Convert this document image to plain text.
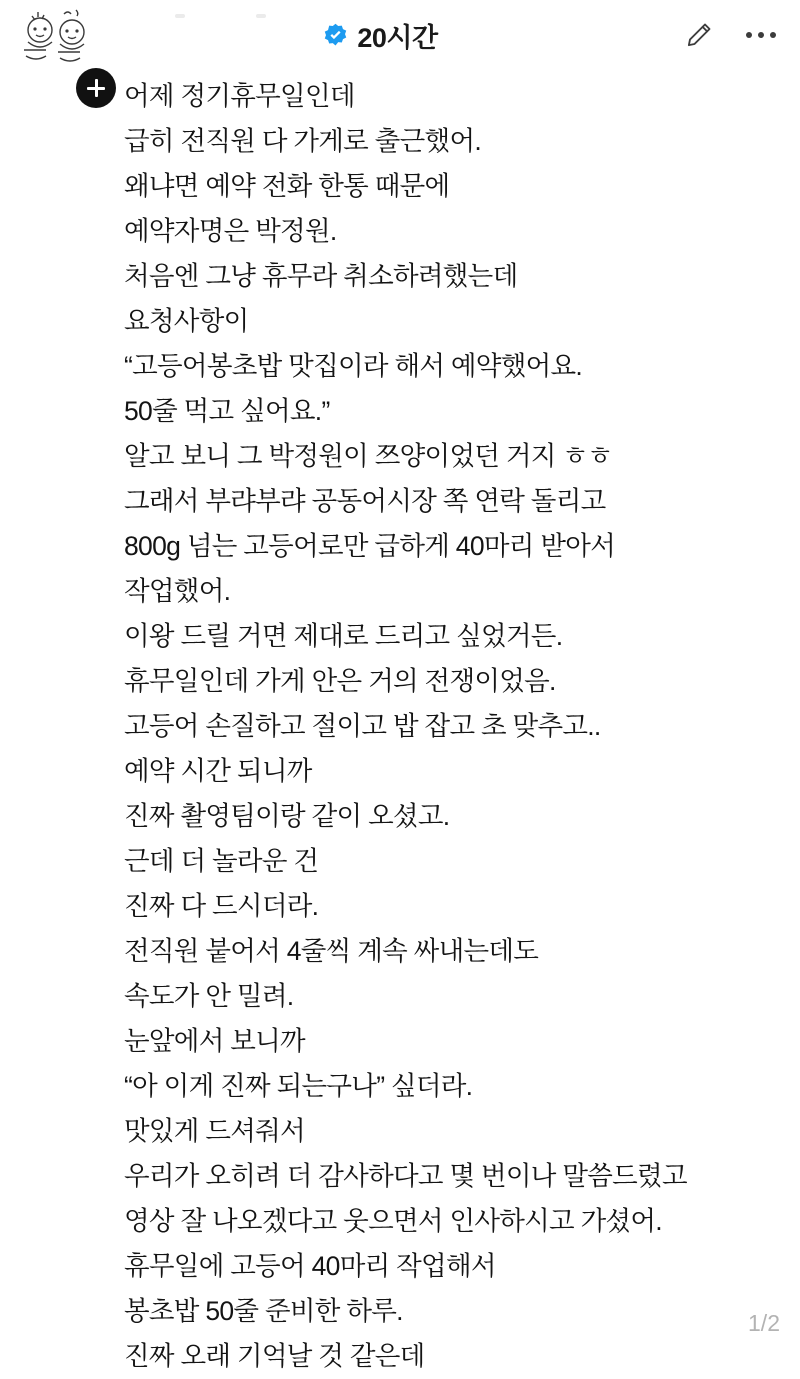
20시간

어제 정기휴무일인데

급히 전직원 다 가게로 출근했어.

왜냐면 예약 전화 한통 때문에

예약자명은 박정원.

처음엔 그냥 휴무라 취소하려했는데

요청사항이

“고등어봉초밥 맛집이라 해서 예약했어요.

50줄 먹고 싶어요.”

알고 보니 그 박정원이 쯔양이었던 거지 ㅎㅎ

그래서 부랴부랴 공동어시장 쪽 연락 돌리고

800g 넘는 고등어로만 급하게 40마리 받아서

작업했어.

이왕 드릴 거면 제대로 드리고 싶었거든.

휴무일인데 가게 안은 거의 전쟁이었음.

고등어 손질하고 절이고 밥 잡고 초 맞추고..

예약 시간 되니까

진짜 촬영팀이랑 같이 오셨고.

근데 더 놀라운 건

진짜 다 드시더라.

전직원 붙어서 4줄씩 계속 싸내는데도

속도가 안 밀려.

눈앞에서 보니까

“아 이게 진짜 되는구나” 싶더라.

맛있게 드셔줘서

우리가 오히려 더 감사하다고 몇 번이나 말씀드렸고

영상 잘 나오겠다고 웃으면서 인사하시고 가셨어.

휴무일에 고등어 40마리 작업해서

봉초밥 50줄 준비한 하루.

진짜 오래 기억날 것 같은데

1/2
